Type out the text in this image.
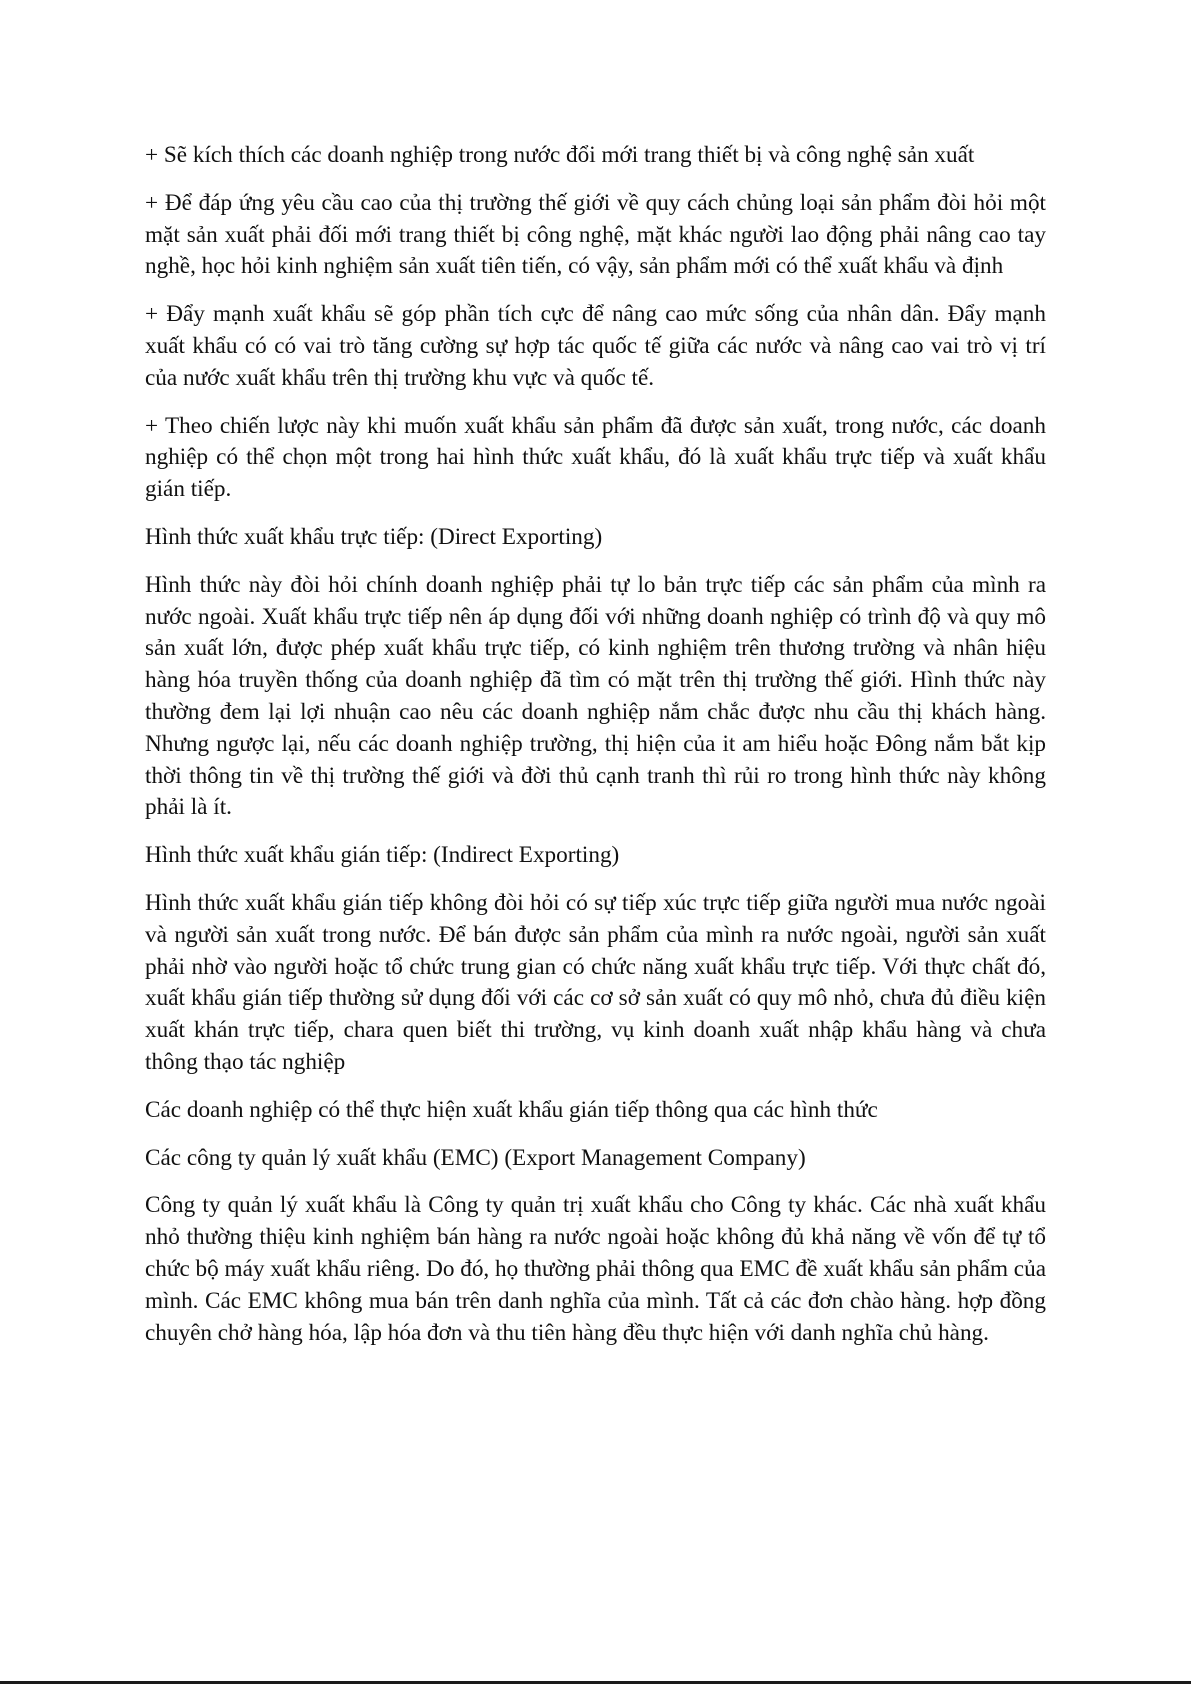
+ Sẽ kích thích các doanh nghiệp trong nước đổi mới trang thiết bị và công nghệ sản xuất

+ Để đáp ứng yêu cầu cao của thị trường thế giới về quy cách chủng loại sản phẩm đòi hỏi một mặt sản xuất phải đối mới trang thiết bị công nghệ, mặt khác người lao động phải nâng cao tay nghề, học hỏi kinh nghiệm sản xuất tiên tiến, có vậy, sản phẩm mới có thể xuất khẩu và định

+ Đẩy mạnh xuất khẩu sẽ góp phần tích cực để nâng cao mức sống của nhân dân. Đẩy mạnh xuất khẩu có có vai trò tăng cường sự hợp tác quốc tế giữa các nước và nâng cao vai trò vị trí của nước xuất khẩu trên thị trường khu vực và quốc tế.

+ Theo chiến lược này khi muốn xuất khẩu sản phẩm đã được sản xuất, trong nước, các doanh nghiệp có thể chọn một trong hai hình thức xuất khẩu, đó là xuất khẩu trực tiếp và xuất khẩu gián tiếp.

Hình thức xuất khẩu trực tiếp: (Direct Exporting)

Hình thức này đòi hỏi chính doanh nghiệp phải tự lo bản trực tiếp các sản phẩm của mình ra nước ngoài. Xuất khẩu trực tiếp nên áp dụng đối với những doanh nghiệp có trình độ và quy mô sản xuất lớn, được phép xuất khẩu trực tiếp, có kinh nghiệm trên thương trường và nhân hiệu hàng hóa truyền thống của doanh nghiệp đã tìm có mặt trên thị trường thế giới. Hình thức này thường đem lại lợi nhuận cao nêu các doanh nghiệp nắm chắc được nhu cầu thị khách hàng. Nhưng ngược lại, nếu các doanh nghiệp trường, thị hiện của it am hiểu hoặc Đông nắm bắt kịp thời thông tin về thị trường thế giới và đời thủ cạnh tranh thì rủi ro trong hình thức này không phải là ít.

Hình thức xuất khẩu gián tiếp: (Indirect Exporting)

Hình thức xuất khẩu gián tiếp không đòi hỏi có sự tiếp xúc trực tiếp giữa người mua nước ngoài và người sản xuất trong nước. Để bán được sản phẩm của mình ra nước ngoài, người sản xuất phải nhờ vào người hoặc tổ chức trung gian có chức năng xuất khẩu trực tiếp. Với thực chất đó, xuất khẩu gián tiếp thường sử dụng đối với các cơ sở sản xuất có quy mô nhỏ, chưa đủ điều kiện xuất khán trực tiếp, chara quen biết thi trường, vụ kinh doanh xuất nhập khẩu hàng và chưa thông thạo tác nghiệp

Các doanh nghiệp có thể thực hiện xuất khẩu gián tiếp thông qua các hình thức

Các công ty quản lý xuất khẩu (EMC) (Export Management Company)

Công ty quản lý xuất khẩu là Công ty quản trị xuất khẩu cho Công ty khác. Các nhà xuất khẩu nhỏ thường thiệu kinh nghiệm bán hàng ra nước ngoài hoặc không đủ khả năng về vốn để tự tổ chức bộ máy xuất khẩu riêng. Do đó, họ thường phải thông qua EMC đề xuất khẩu sản phẩm của mình. Các EMC không mua bán trên danh nghĩa của mình. Tất cả các đơn chào hàng. hợp đồng chuyên chở hàng hóa, lập hóa đơn và thu tiên hàng đều thực hiện với danh nghĩa chủ hàng.
